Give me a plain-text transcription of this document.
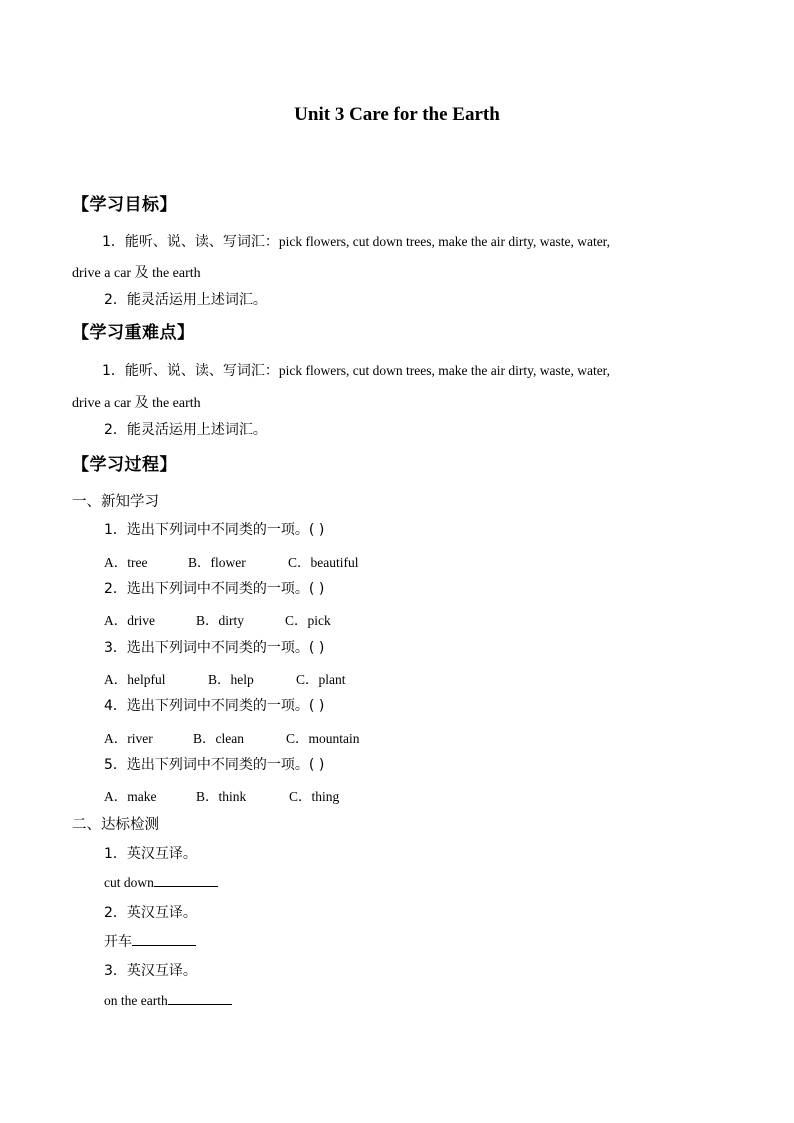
Unit 3 Care for the Earth
【学习目标】
1．能听、说、读、写词汇：pick flowers, cut down trees, make the air dirty, waste, water,
drive a car 及 the earth
2．能灵活运用上述词汇。
【学习重难点】
1．能听、说、读、写词汇：pick flowers, cut down trees, make the air dirty, waste, water,
drive a car 及 the earth
2．能灵活运用上述词汇。
【学习过程】
一、新知学习
1．选出下列词中不同类的一项。( )
A．tree	B．flower	C．beautiful
2．选出下列词中不同类的一项。( )
A．drive	B．dirty	C．pick
3．选出下列词中不同类的一项。( )
A．helpful	B．help	C．plant
4．选出下列词中不同类的一项。( )
A．river	B．clean	C．mountain
5．选出下列词中不同类的一项。( )
A．make	B．think	C．thing
二、达标检测
1．英汉互译。
cut down
2．英汉互译。
开车
3．英汉互译。
on the earth
